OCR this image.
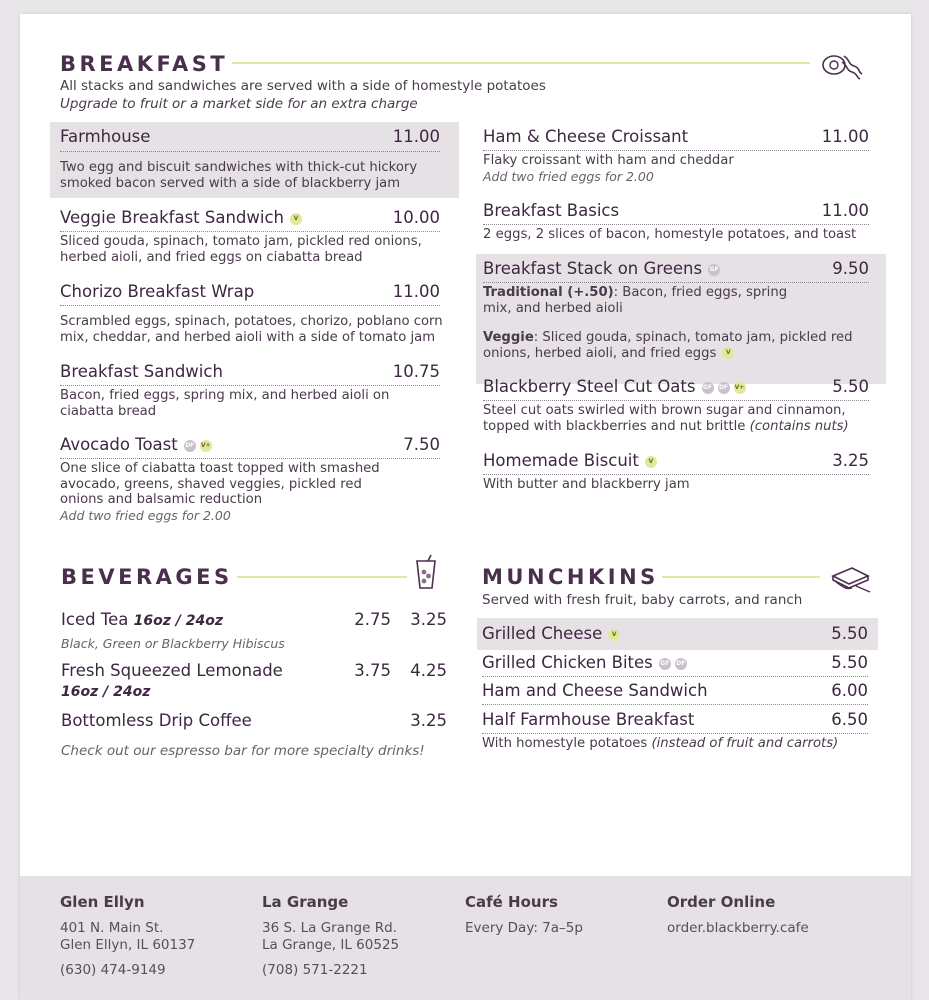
BREAKFAST
All stacks and sandwiches are served with a side of homestyle potatoes
Upgrade to fruit or a market side for an extra charge
Farmhouse	11.00
Two egg and biscuit sandwiches with thick-cut hickory smoked bacon served with a side of blackberry jam
Veggie Breakfast Sandwich V	10.00
Sliced gouda, spinach, tomato jam, pickled red onions, herbed aioli, and fried eggs on ciabatta bread
Chorizo Breakfast Wrap	11.00
Scrambled eggs, spinach, potatoes, chorizo, poblano corn mix, cheddar, and herbed aioli with a side of tomato jam
Breakfast Sandwich	10.75
Bacon, fried eggs, spring mix, and herbed aioli on ciabatta bread
Avocado Toast DF V+	7.50
One slice of ciabatta toast topped with smashed avocado, greens, shaved veggies, pickled red onions and balsamic reduction
Add two fried eggs for 2.00
Ham & Cheese Croissant	11.00
Flaky croissant with ham and cheddar
Add two fried eggs for 2.00
Breakfast Basics	11.00
2 eggs, 2 slices of bacon, homestyle potatoes, and toast
Breakfast Stack on Greens GF	9.50
Traditional (+.50): Bacon, fried eggs, spring mix, and herbed aioli
Veggie: Sliced gouda, spinach, tomato jam, pickled red onions, herbed aioli, and fried eggs V
Blackberry Steel Cut Oats GF DF V+	5.50
Steel cut oats swirled with brown sugar and cinnamon, topped with blackberries and nut brittle (contains nuts)
Homemade Biscuit V	3.25
With butter and blackberry jam
BEVERAGES
Iced Tea 16oz / 24oz	2.75	3.25
Black, Green or Blackberry Hibiscus
Fresh Squeezed Lemonade	3.75	4.25
16oz / 24oz
Bottomless Drip Coffee	3.25
Check out our espresso bar for more specialty drinks!
MUNCHKINS
Served with fresh fruit, baby carrots, and ranch
Grilled Cheese V	5.50
Grilled Chicken Bites GF DF	5.50
Ham and Cheese Sandwich	6.00
Half Farmhouse Breakfast	6.50
With homestyle potatoes (instead of fruit and carrots)
Glen Ellyn
401 N. Main St.
Glen Ellyn, IL 60137
(630) 474-9149
La Grange
36 S. La Grange Rd.
La Grange, IL 60525
(708) 571-2221
Café Hours
Every Day: 7a–5p
Order Online
order.blackberry.cafe
